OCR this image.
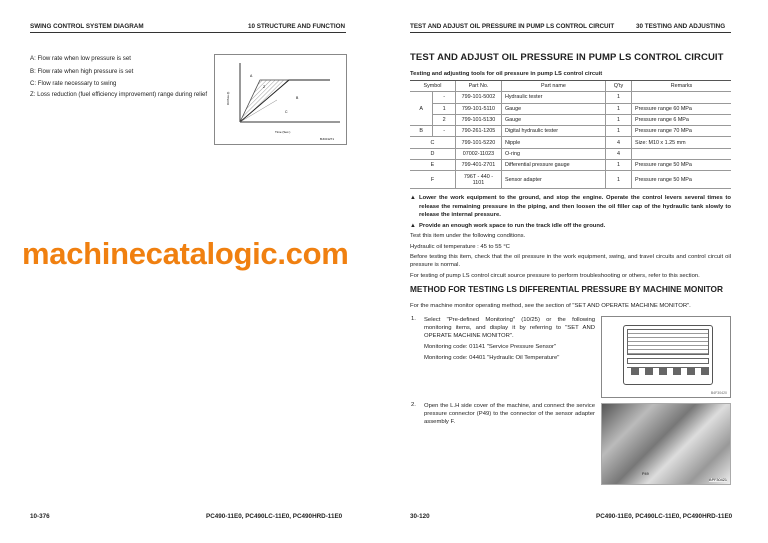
SWING CONTROL SYSTEM DIAGRAM	10 STRUCTURE AND FUNCTION
A: Flow rate when low pressure is set
B: Flow rate when high pressure is set
C: Flow rate necessary to swing
Z: Loss reduction (fuel efficiency improvement) range during relief
A
B
C
Z
Oil flow (l)
Time (Sec.)
BJC01271
machinecatalogic.com
10-376	PC490-11E0, PC490LC-11E0, PC490HRD-11E0
TEST AND ADJUST OIL PRESSURE IN PUMP LS CONTROL CIRCUIT	30 TESTING AND ADJUSTING
TEST AND ADJUST OIL PRESSURE IN PUMP LS CONTROL CIRCUIT
Testing and adjusting tools for oil pressure in pump LS control circuit
Symbol		Part No.	Part name	Q'ty	Remarks
A	-	799-101-5002	Hydraulic tester	1	
	1	799-101-5110	Gauge	1	Pressure range 60 MPa
	2	799-101-5130	Gauge	1	Pressure range 6 MPa
B	-	790-261-1205	Digital hydraulic tester	1	Pressure range 70 MPa
C		799-101-5220	Nipple	4	Size: M10 x 1.25 mm
D		07002-11023	O-ring	4	
E		799-401-2701	Differential pressure gauge	1	Pressure range 50 MPa
F		796T - 440 - 1101	Sensor adapter	1	Pressure range 50 MPa
▲ Lower the work equipment to the ground, and stop the engine. Operate the control levers several times to release the remaining pressure in the piping, and then loosen the oil filler cap of the hydraulic tank slowly to release the internal pressure.
▲ Provide an enough work space to run the track idle off the ground.
Test this item under the following conditions.
Hydraulic oil temperature : 45 to 55 °C
Before testing this item, check that the oil pressure in the work equipment, swing, and travel circuits and control circuit oil pressure is normal.
For testing of pump LS control circuit source pressure to perform troubleshooting or others, refer to this section.
METHOD FOR TESTING LS DIFFERENTIAL PRESSURE BY MACHINE MONITOR
For the machine monitor operating method, see the section of "SET AND OPERATE MACHINE MONITOR".
1. Select "Pre-defined Monitoring" (10/25) or the following monitoring items, and display it by referring to "SET AND OPERATE MACHINE MONITOR".
Monitoring code: 01141 "Service Pressure Sensor"
Monitoring code: 04401 "Hydraulic Oil Temperature"
B4F30420
2. Open the L.H side cover of the machine, and connect the service pressure connector (P49) to the connector of the sensor adapter assembly F.
P49
BPF30421
30-120	PC490-11E0, PC490LC-11E0, PC490HRD-11E0
